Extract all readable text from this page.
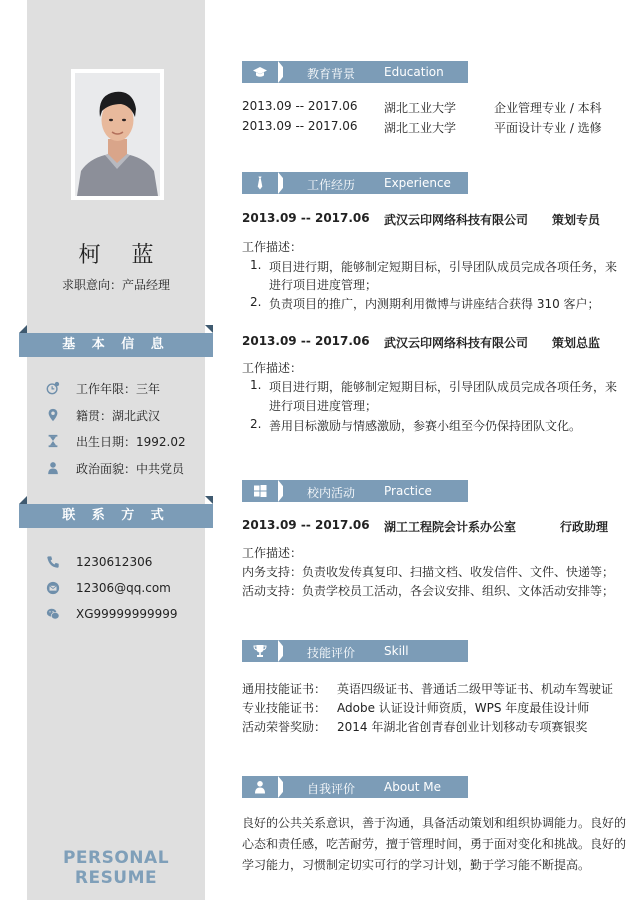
柯 蓝
求职意向：产品经理
基 本 信 息
工作年限：三年
籍贯：湖北武汉
出生日期：1992.02
政治面貌：中共党员
联 系 方 式
1230612306
12306@qq.com
XG99999999999
PERSONAL RESUME
教育背景 Education
2013.09 -- 2017.06 湖北工业大学	企业管理专业 / 本科
2013.09 -- 2017.06 湖北工业大学	平面设计专业 / 选修
工作经历 Experience
2013.09 -- 2017.06 武汉云印网络科技有限公司 策划专员
工作描述：
1. 项目进行期，能够制定短期目标，引导团队成员完成各项任务，来
进行项目进度管理；
2. 负责项目的推广，内测期利用微博与讲座结合获得 310 客户；
2013.09 -- 2017.06 武汉云印网络科技有限公司 策划总监
工作描述：
1. 项目进行期，能够制定短期目标，引导团队成员完成各项任务，来
进行项目进度管理；
2. 善用目标激励与情感激励，参赛小组至今仍保持团队文化。
校内活动 Practice
2013.09 -- 2017.06 湖工工程院会计系办公室	行政助理
工作描述：
内务支持：负责收发传真复印、扫描文档、收发信件、文件、快递等；
活动支持：负责学校员工活动，各会议安排、组织、文体活动安排等；
技能评价 Skill
通用技能证书： 英语四级证书、普通话二级甲等证书、机动车驾驶证
专业技能证书： Adobe 认证设计师资质，WPS 年度最佳设计师
活动荣誉奖励： 2014 年湖北省创青春创业计划移动专项赛银奖
自我评价 About Me
良好的公共关系意识，善于沟通，具备活动策划和组织协调能力。良好的
心态和责任感，吃苦耐劳，擅于管理时间，勇于面对变化和挑战。良好的
学习能力，习惯制定切实可行的学习计划，勤于学习能不断提高。
